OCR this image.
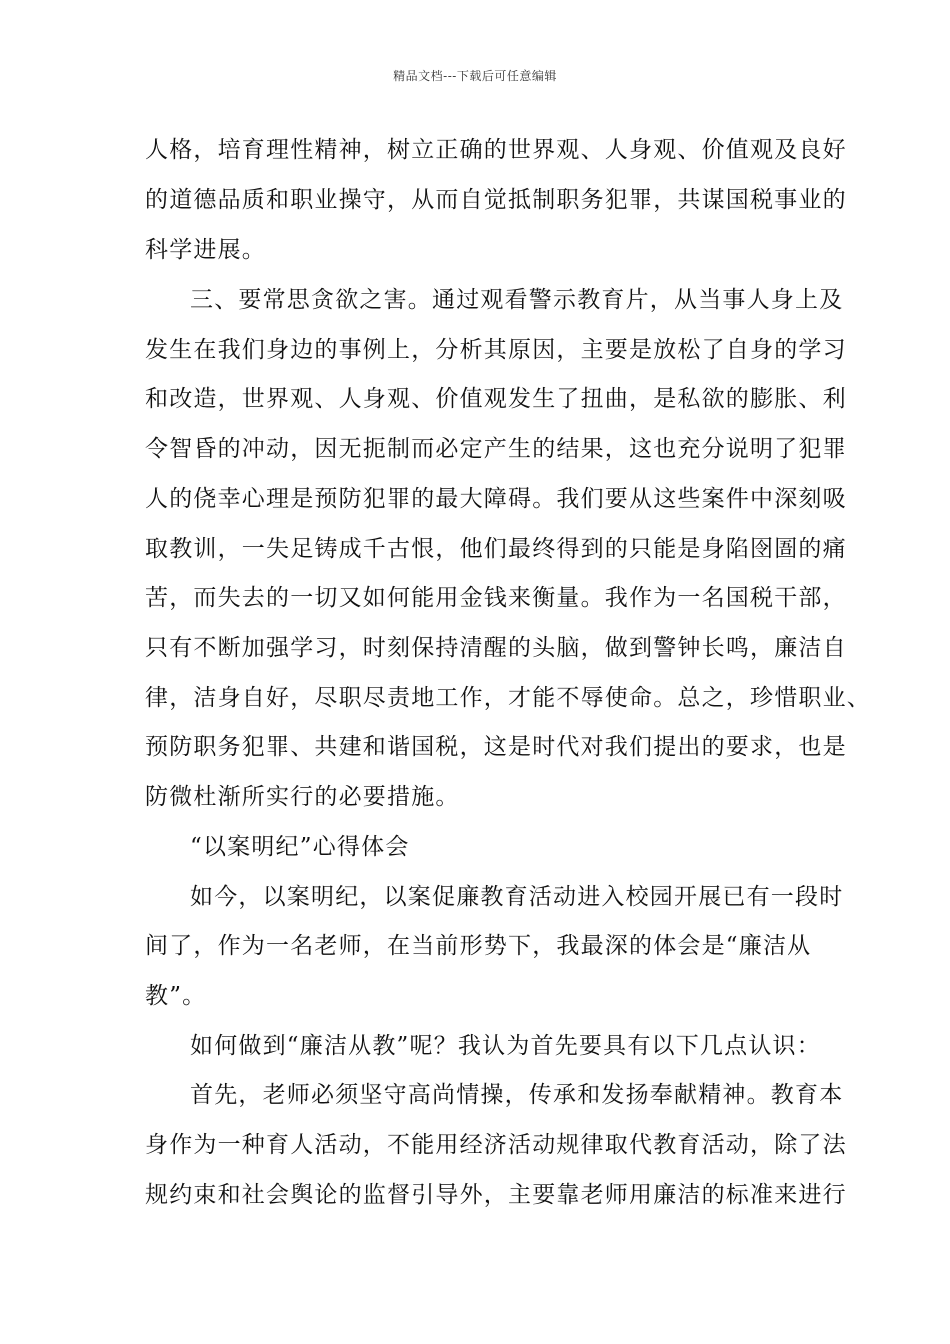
精品文档---下载后可任意编辑
人格，培育理性精神，树立正确的世界观、人身观、价值观及良好
的道德品质和职业操守，从而自觉抵制职务犯罪，共谋国税事业的
科学进展。
三、要常思贪欲之害。通过观看警示教育片，从当事人身上及
发生在我们身边的事例上，分析其原因，主要是放松了自身的学习
和改造，世界观、人身观、价值观发生了扭曲，是私欲的膨胀、利
令智昏的冲动，因无扼制而必定产生的结果，这也充分说明了犯罪
人的侥幸心理是预防犯罪的最大障碍。我们要从这些案件中深刻吸
取教训，一失足铸成千古恨，他们最终得到的只能是身陷囹圄的痛
苦，而失去的一切又如何能用金钱来衡量。我作为一名国税干部，
只有不断加强学习，时刻保持清醒的头脑，做到警钟长鸣，廉洁自
律，洁身自好，尽职尽责地工作，才能不辱使命。总之，珍惜职业、
预防职务犯罪、共建和谐国税，这是时代对我们提出的要求，也是
防微杜渐所实行的必要措施。
“以案明纪”心得体会
如今，以案明纪，以案促廉教育活动进入校园开展已有一段时
间了，作为一名老师，在当前形势下，我最深的体会是“廉洁从
教”。
如何做到“廉洁从教”呢？我认为首先要具有以下几点认识：
首先，老师必须坚守高尚情操，传承和发扬奉献精神。教育本
身作为一种育人活动，不能用经济活动规律取代教育活动，除了法
规约束和社会舆论的监督引导外，主要靠老师用廉洁的标准来进行
